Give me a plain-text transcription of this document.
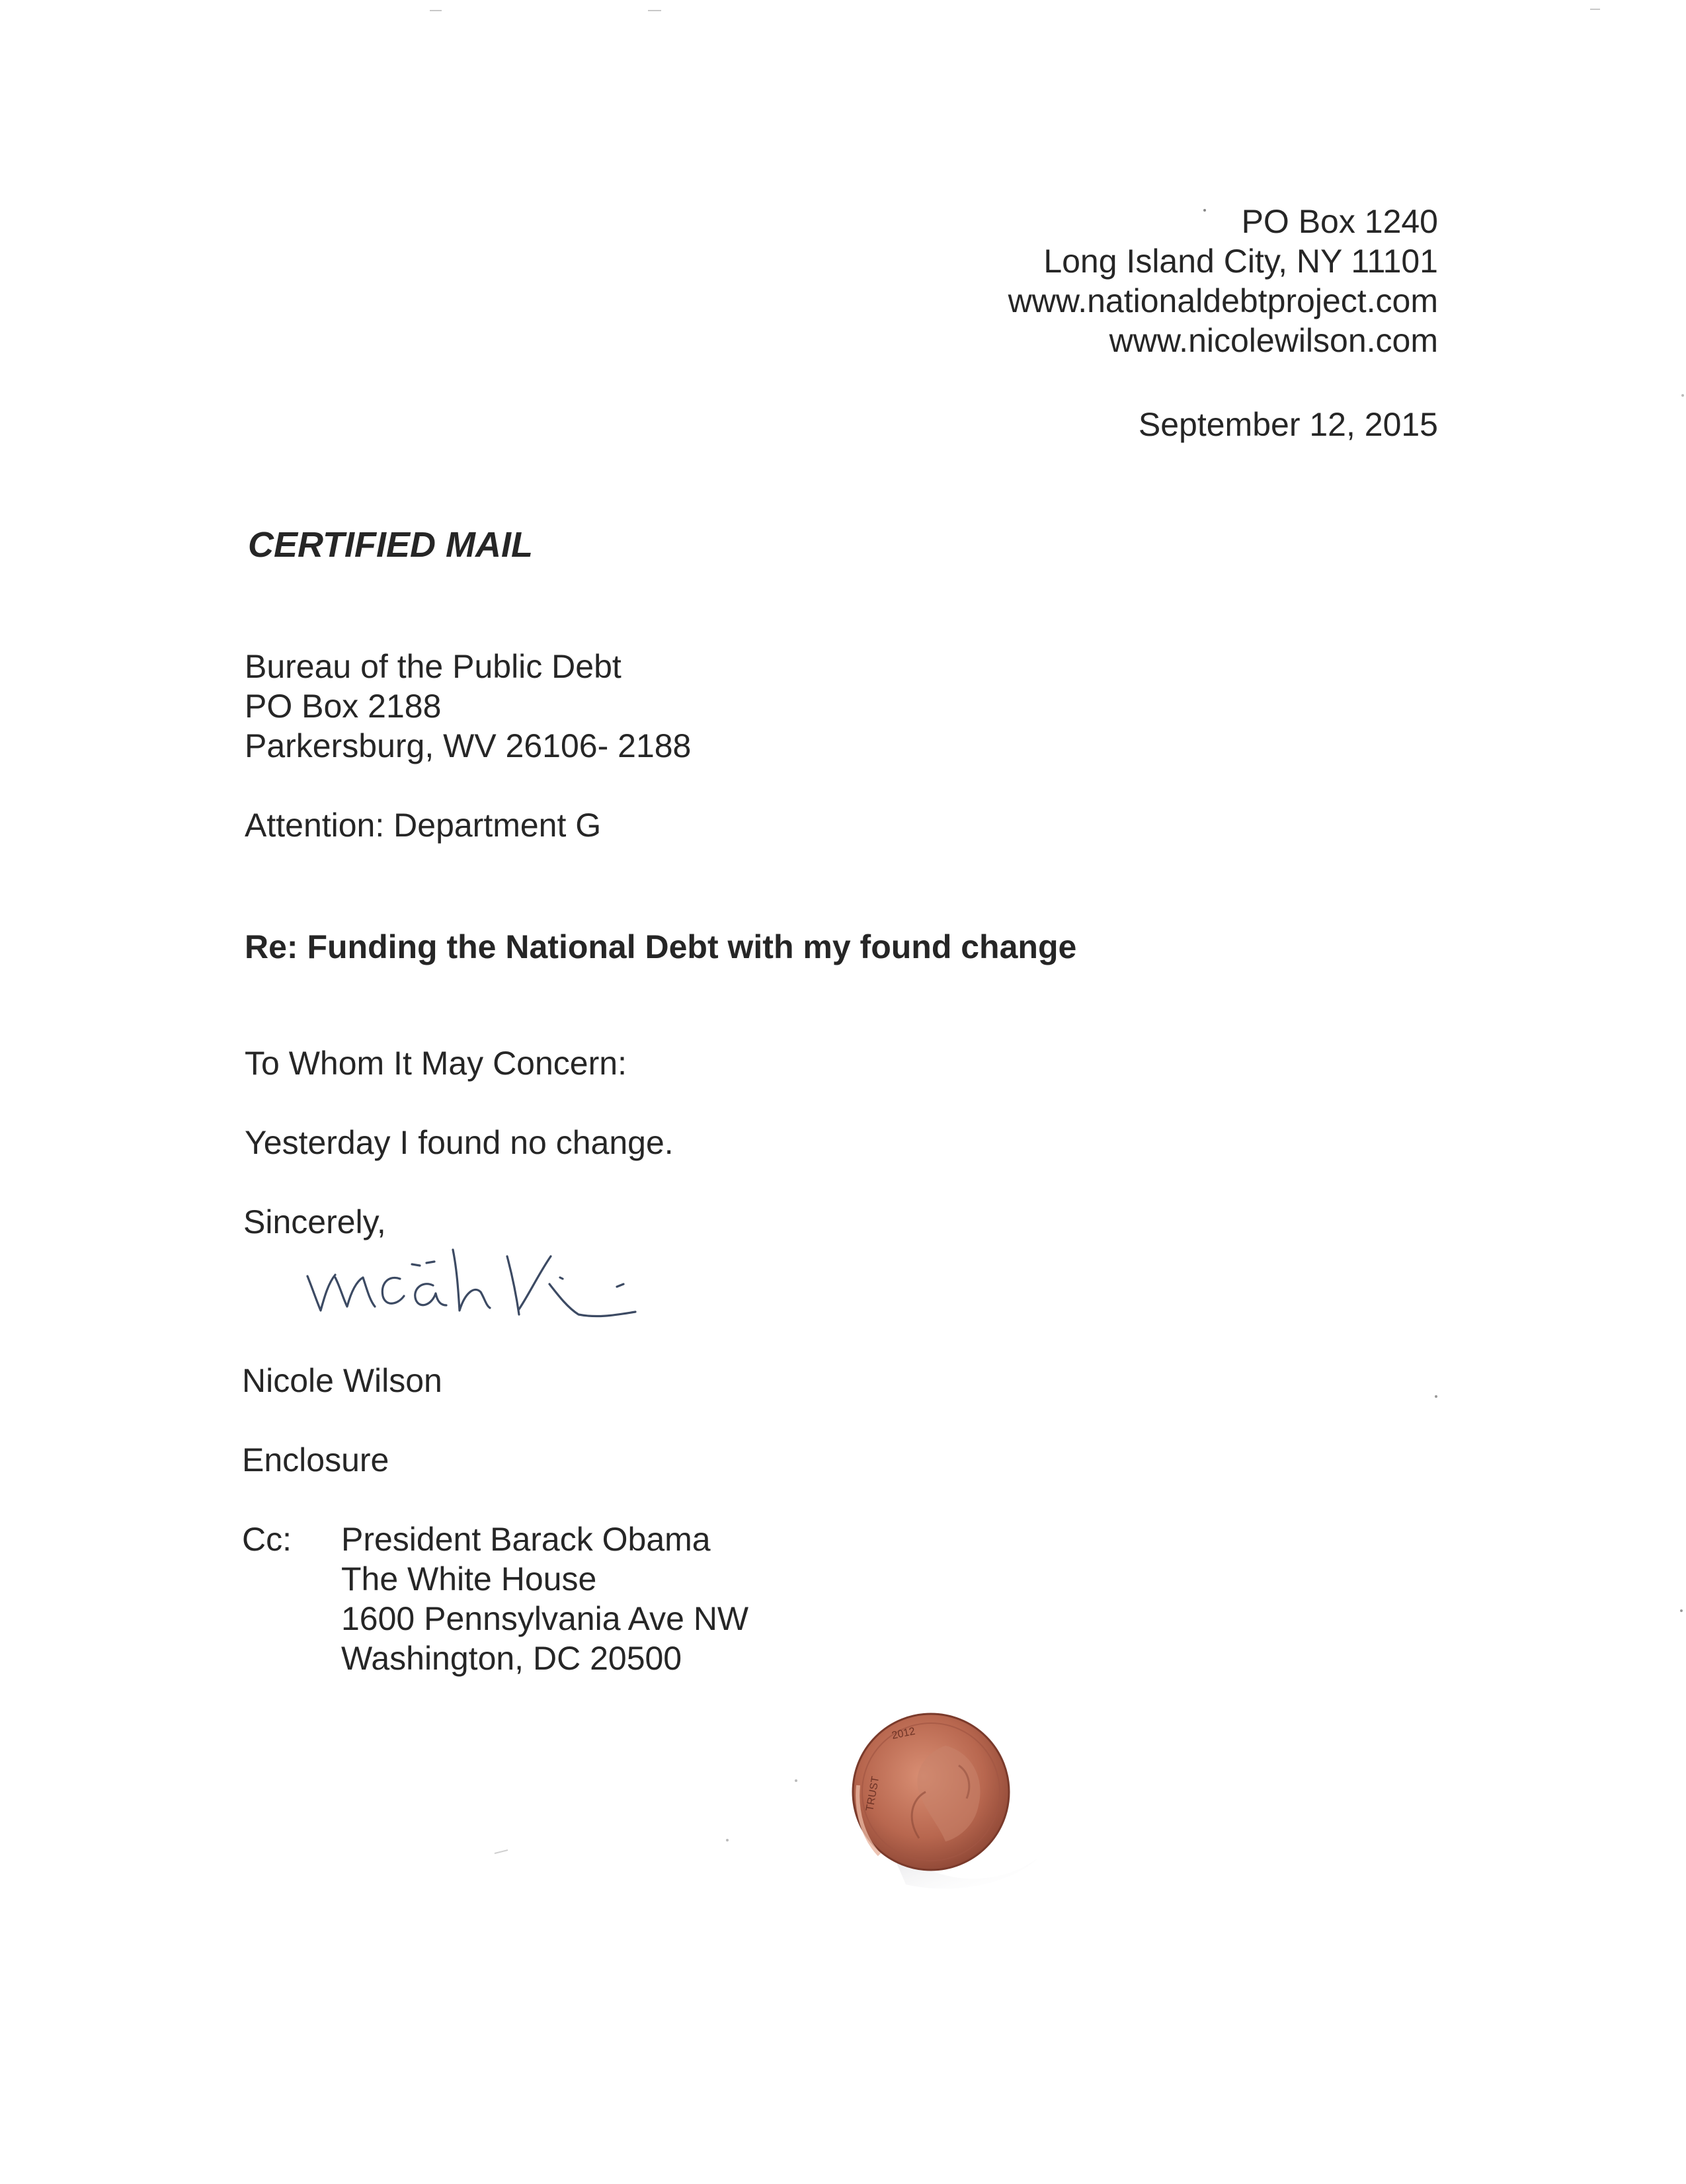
PO Box 1240
Long Island City, NY 11101
www.nationaldebtproject.com
www.nicolewilson.com
September 12, 2015
CERTIFIED MAIL
Bureau of the Public Debt
PO Box 2188
Parkersburg, WV 26106- 2188
Attention: Department G
Re: Funding the National Debt with my found change
To Whom It May Concern:
Yesterday I found no change.
Sincerely,
Nicole Wilson
Enclosure
Cc: President Barack Obama
The White House
1600 Pennsylvania Ave NW
Washington, DC 20500
2012
TRUST
